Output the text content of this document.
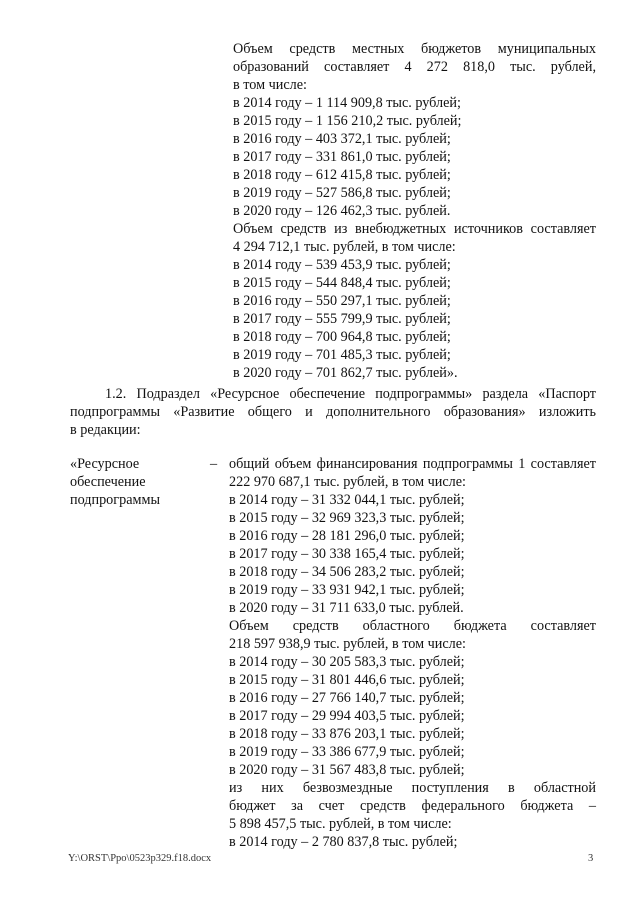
Объем средств местных бюджетов муниципальных
образований составляет 4 272 818,0 тыс. рублей,
в том числе:
в 2014 году – 1 114 909,8 тыс. рублей;
в 2015 году – 1 156 210,2 тыс. рублей;
в 2016 году – 403 372,1 тыс. рублей;
в 2017 году – 331 861,0 тыс. рублей;
в 2018 году – 612 415,8 тыс. рублей;
в 2019 году – 527 586,8 тыс. рублей;
в 2020 году – 126 462,3 тыс. рублей.
Объем средств из внебюджетных источников составляет
4 294 712,1 тыс. рублей, в том числе:
в 2014 году – 539 453,9 тыс. рублей;
в 2015 году – 544 848,4 тыс. рублей;
в 2016 году – 550 297,1 тыс. рублей;
в 2017 году – 555 799,9 тыс. рублей;
в 2018 году – 700 964,8 тыс. рублей;
в 2019 году – 701 485,3 тыс. рублей;
в 2020 году – 701 862,7 тыс. рублей».
1.2. Подраздел «Ресурсное обеспечение подпрограммы» раздела «Паспорт
подпрограммы «Развитие общего и дополнительного образования» изложить
в редакции:
«Ресурсное
обеспечение
подпрограммы
– общий объем финансирования подпрограммы 1 составляет
222 970 687,1 тыс. рублей, в том числе:
в 2014 году – 31 332 044,1 тыс. рублей;
в 2015 году – 32 969 323,3 тыс. рублей;
в 2016 году – 28 181 296,0 тыс. рублей;
в 2017 году – 30 338 165,4 тыс. рублей;
в 2018 году – 34 506 283,2 тыс. рублей;
в 2019 году – 33 931 942,1 тыс. рублей;
в 2020 году – 31 711 633,0 тыс. рублей.
Объем средств областного бюджета составляет
218 597 938,9 тыс. рублей, в том числе:
в 2014 году – 30 205 583,3 тыс. рублей;
в 2015 году – 31 801 446,6 тыс. рублей;
в 2016 году – 27 766 140,7 тыс. рублей;
в 2017 году – 29 994 403,5 тыс. рублей;
в 2018 году – 33 876 203,1 тыс. рублей;
в 2019 году – 33 386 677,9 тыс. рублей;
в 2020 году – 31 567 483,8 тыс. рублей;
из них безвозмездные поступления в областной
бюджет за счет средств федерального бюджета –
5 898 457,5 тыс. рублей, в том числе:
в 2014 году – 2 780 837,8 тыс. рублей;
Y:\ORST\Ppo\0523p329.f18.docx	3
